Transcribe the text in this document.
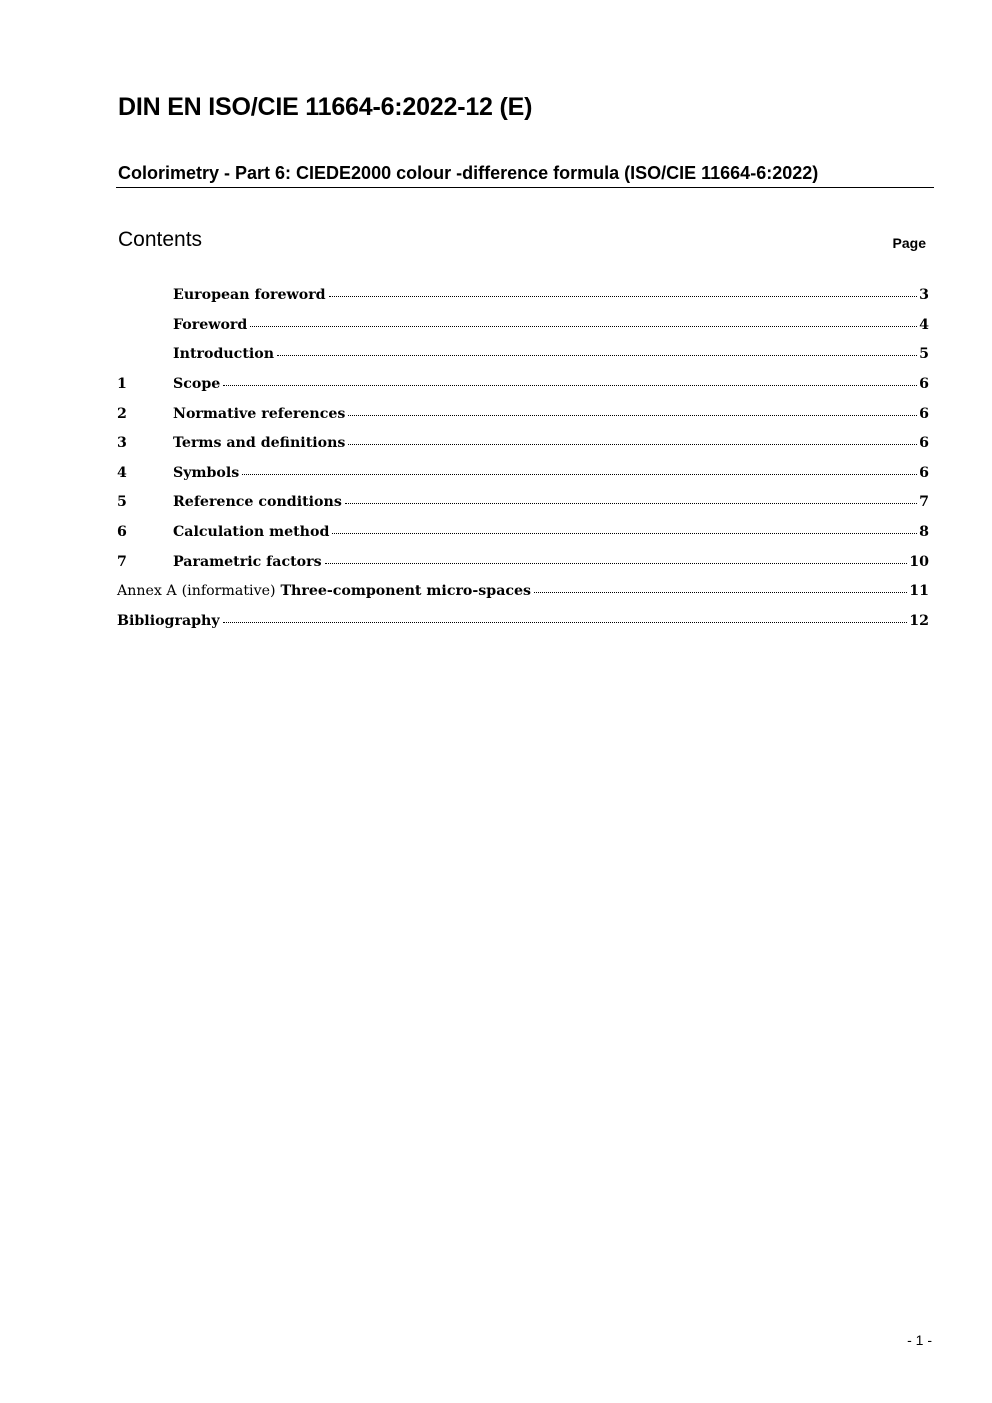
DIN EN ISO/CIE 11664-6:2022-12 (E)
Colorimetry - Part 6: CIEDE2000 colour -difference formula (ISO/CIE 11664-6:2022)
Contents	Page
European foreword	3
Foreword	4
Introduction	5
1	Scope	6
2	Normative references	6
3	Terms and definitions	6
4	Symbols	6
5	Reference conditions	7
6	Calculation method	8
7	Parametric factors	10
Annex A (informative) Three-component micro-spaces	11
Bibliography	12
- 1 -
